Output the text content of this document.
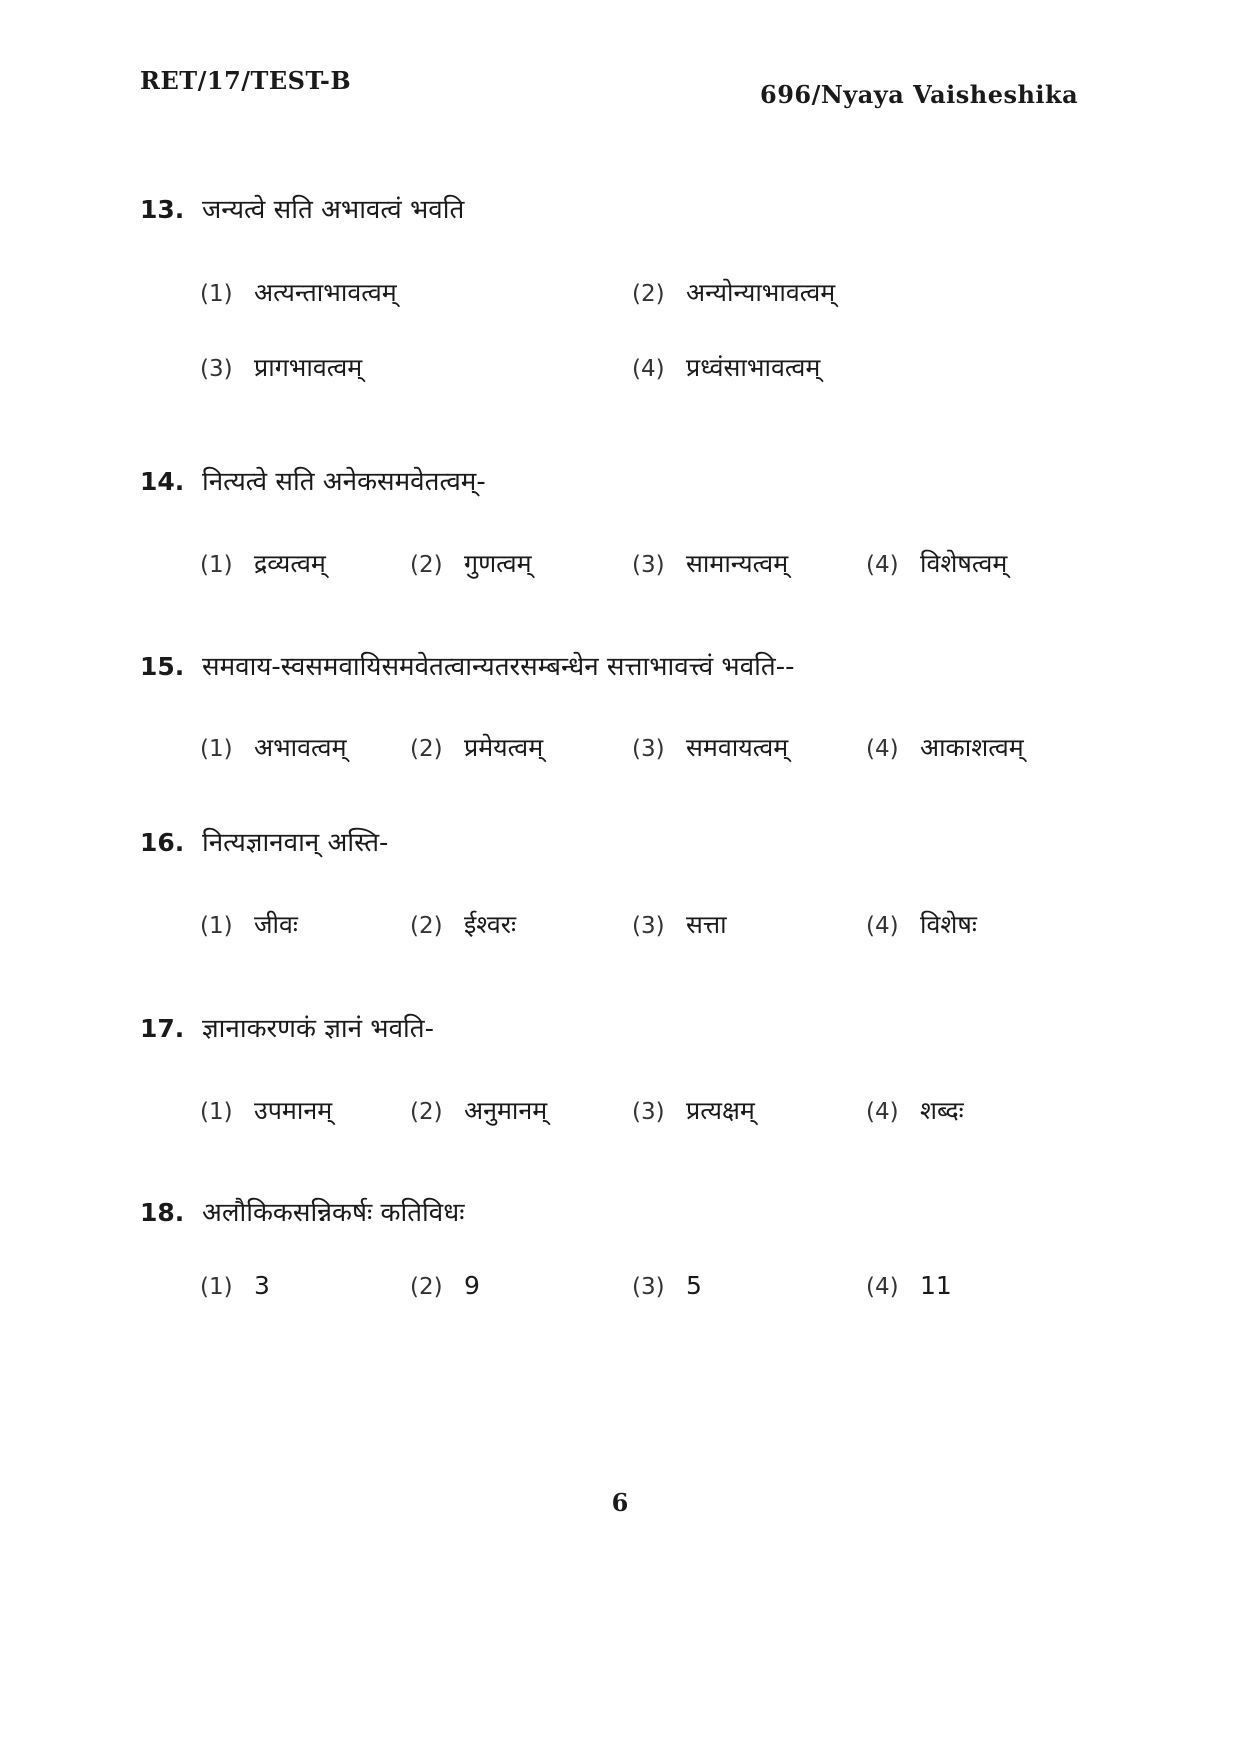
RET/17/TEST-B	696/Nyaya Vaisheshika
13. जन्यत्वे सति अभावत्वं भवति
(1) अत्यन्ताभावत्वम्	(2) अन्योन्याभावत्वम्
(3) प्रागभावत्वम्	(4) प्रध्वंसाभावत्वम्
14. नित्यत्वे सति अनेकसमवेतत्वम्-
(1) द्रव्यत्वम्	(2) गुणत्वम्	(3) सामान्यत्वम्	(4) विशेषत्वम्
15. समवाय-स्वसमवायिसमवेतत्वान्यतरसम्बन्धेन सत्ताभावत्त्वं भवति--
(1) अभावत्वम्	(2) प्रमेयत्वम्	(3) समवायत्वम्	(4) आकाशत्वम्
16. नित्यज्ञानवान् अस्ति-
(1) जीवः	(2) ईश्वरः	(3) सत्ता	(4) विशेषः
17. ज्ञानाकरणकं ज्ञानं भवति-
(1) उपमानम्	(2) अनुमानम्	(3) प्रत्यक्षम्	(4) शब्दः
18. अलौकिकसन्निकर्षः कतिविधः
(1) 3	(2) 9	(3) 5	(4) 11
6
